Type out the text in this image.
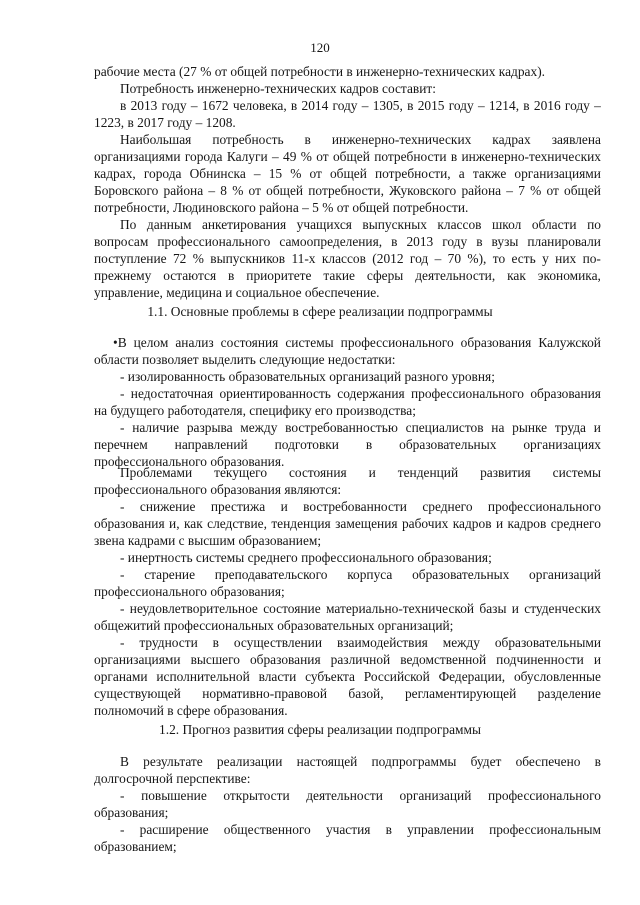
120
рабочие места (27 % от общей потребности в инженерно-технических кадрах).
Потребность инженерно-технических кадров составит:
в 2013 году – 1672 человека, в 2014 году – 1305, в 2015 году – 1214, в 2016 году –
1223, в 2017 году – 1208.
Наибольшая потребность в инженерно-технических кадрах заявлена
организациями города Калуги – 49 % от общей потребности в инженерно-технических
кадрах, города Обнинска – 15 % от общей потребности, а также организациями
Боровского района – 8 % от общей потребности, Жуковского района – 7 % от общей
потребности, Людиновского района – 5 % от общей потребности.
По данным анкетирования учащихся выпускных классов школ области по
вопросам профессионального самоопределения, в 2013 году в вузы планировали
поступление 72 % выпускников 11-х классов (2012 год – 70 %), то есть у них по-
прежнему остаются в приоритете такие сферы деятельности, как экономика,
управление, медицина и социальное обеспечение.
1.1. Основные проблемы в сфере реализации подпрограммы
•В целом анализ состояния системы профессионального образования Калужской
области позволяет выделить следующие недостатки:
- изолированность образовательных организаций разного уровня;
- недостаточная ориентированность содержания профессионального образования
на будущего работодателя, специфику его производства;
- наличие разрыва между востребованностью специалистов на рынке труда и
перечнем направлений подготовки в образовательных организациях
профессионального образования.
Проблемами текущего состояния и тенденций развития системы
профессионального образования являются:
- снижение престижа и востребованности среднего профессионального
образования и, как следствие, тенденция замещения рабочих кадров и кадров среднего
звена кадрами с высшим образованием;
- инертность системы среднего профессионального образования;
- старение преподавательского корпуса образовательных организаций
профессионального образования;
- неудовлетворительное состояние материально-технической базы и студенческих
общежитий профессиональных образовательных организаций;
- трудности в осуществлении взаимодействия между образовательными
организациями высшего образования различной ведомственной подчиненности и
органами исполнительной власти субъекта Российской Федерации, обусловленные
существующей нормативно-правовой базой, регламентирующей разделение
полномочий в сфере образования.
1.2. Прогноз развития сферы реализации подпрограммы
В результате реализации настоящей подпрограммы будет обеспечено в
долгосрочной перспективе:
- повышение открытости деятельности организаций профессионального
образования;
- расширение общественного участия в управлении профессиональным
образованием;
